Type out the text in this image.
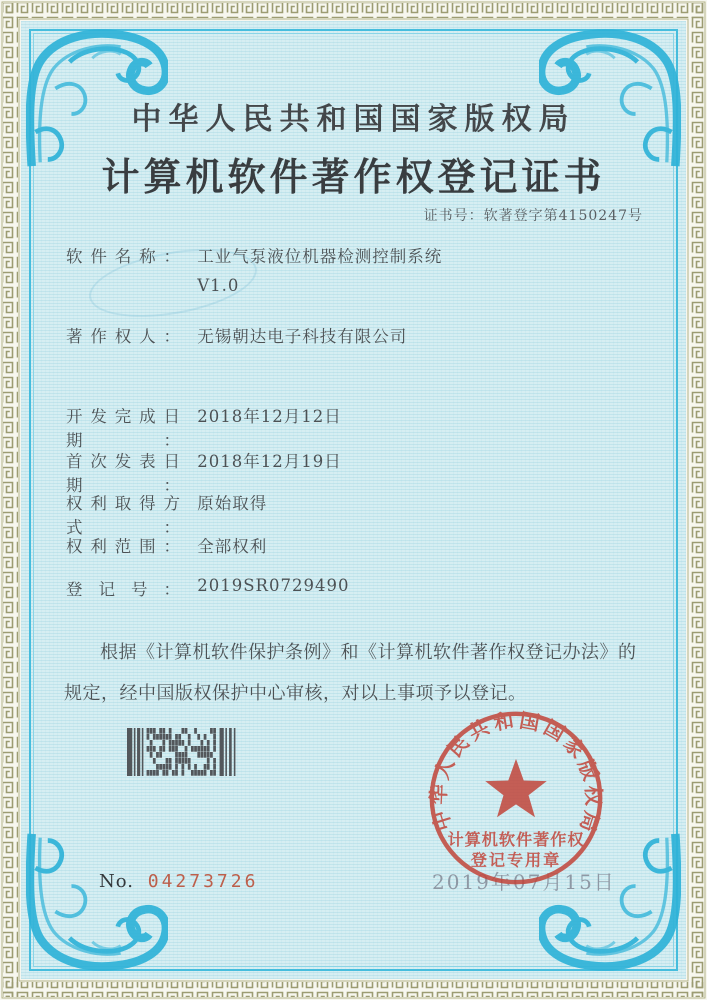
中华人民共和国国家版权局
计算机软件著作权登记证书
证书号：软著登字第4150247号
软件名称： 工业气泵液位机器检测控制系统
V1.0
著作权人： 无锡朝达电子科技有限公司
开发完成日期： 2018年12月12日
首次发表日期： 2018年12月19日
权利取得方式： 原始取得
权利范围： 全部权利
登记号： 2019SR0729490
根据《计算机软件保护条例》和《计算机软件著作权登记办法》的规定，经中国版权保护中心审核，对以上事项予以登记。
2019年07月15日
中华人民共和国国家版权局
计算机软件著作权
登记专用章
No. 04273726
